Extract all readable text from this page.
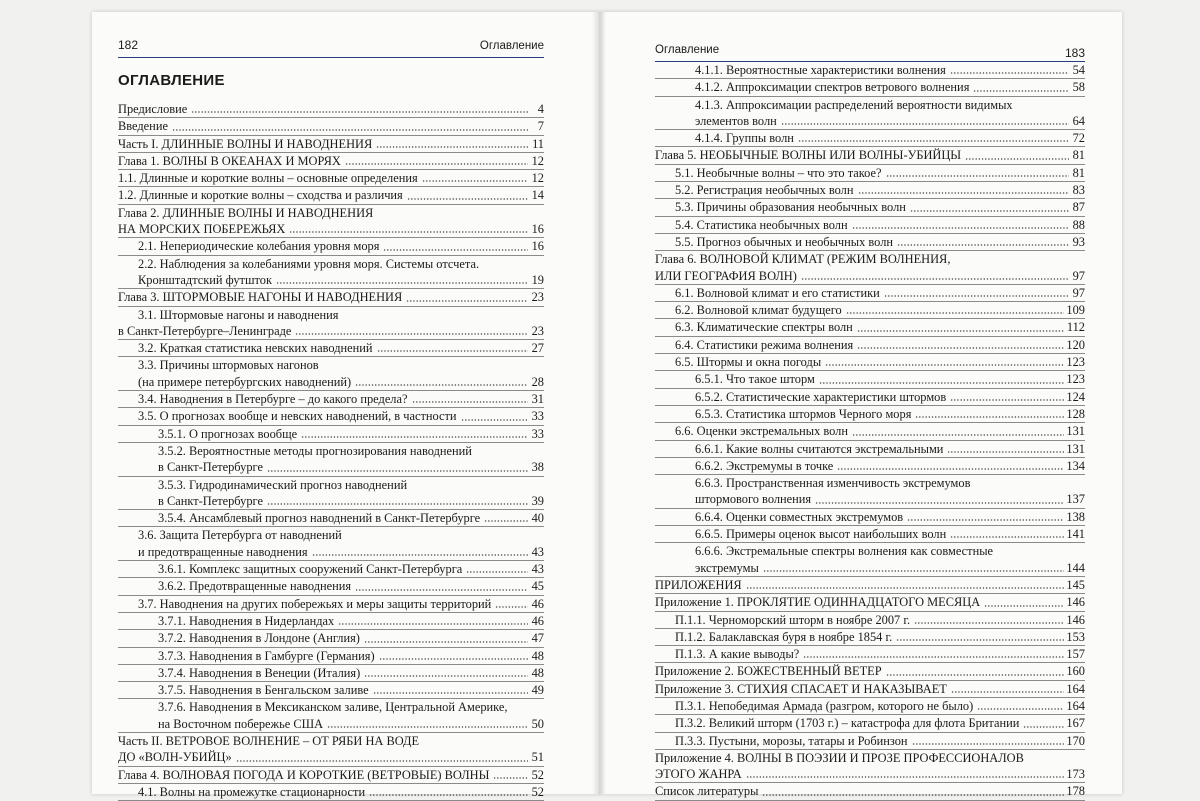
182	Оглавление
ОГЛАВЛЕНИЕ
Предисловие	4
Введение	7
Часть I. ДЛИННЫЕ ВОЛНЫ И НАВОДНЕНИЯ	11
Глава 1. ВОЛНЫ В ОКЕАНАХ И МОРЯХ	12
1.1. Длинные и короткие волны – основные определения	12
1.2. Длинные и короткие волны – сходства и различия	14
Глава 2. ДЛИННЫЕ ВОЛНЫ И НАВОДНЕНИЯ
НА МОРСКИХ ПОБЕРЕЖЬЯХ	16
2.1. Непериодические колебания уровня моря	16
2.2. Наблюдения за колебаниями уровня моря. Системы отсчета.
Кронштадтский футшток	19
Глава 3. ШТОРМОВЫЕ НАГОНЫ И НАВОДНЕНИЯ	23
3.1. Штормовые нагоны и наводнения
в Санкт-Петербурге–Ленинграде	23
3.2. Краткая статистика невских наводнений	27
3.3. Причины штормовых нагонов
(на примере петербургских наводнений)	28
3.4. Наводнения в Петербурге – до какого предела?	31
3.5. О прогнозах вообще и невских наводнений, в частности	33
3.5.1. О прогнозах вообще	33
3.5.2. Вероятностные методы прогнозирования наводнений
в Санкт-Петербурге	38
3.5.3. Гидродинамический прогноз наводнений
в Санкт-Петербурге	39
3.5.4. Ансамблевый прогноз наводнений в Санкт-Петербурге	40
3.6. Защита Петербурга от наводнений
и предотвращенные наводнения	43
3.6.1. Комплекс защитных сооружений Санкт-Петербурга	43
3.6.2. Предотвращенные наводнения	45
3.7. Наводнения на других побережьях и меры защиты территорий	46
3.7.1. Наводнения в Нидерландах	46
3.7.2. Наводнения в Лондоне (Англия)	47
3.7.3. Наводнения в Гамбурге (Германия)	48
3.7.4. Наводнения в Венеции (Италия)	48
3.7.5. Наводнения в Бенгальском заливе	49
3.7.6. Наводнения в Мексиканском заливе, Центральной Америке,
на Восточном побережье США	50
Часть II. ВЕТРОВОЕ ВОЛНЕНИЕ – ОТ РЯБИ НА ВОДЕ
ДО «ВОЛН-УБИЙЦ»	51
Глава 4. ВОЛНОВАЯ ПОГОДА И КОРОТКИЕ (ВЕТРОВЫЕ) ВОЛНЫ	52
4.1. Волны на промежутке стационарности	52
Оглавление	183
4.1.1. Вероятностные характеристики волнения	54
4.1.2. Аппроксимации спектров ветрового волнения	58
4.1.3. Аппроксимации распределений вероятности видимых
элементов волн	64
4.1.4. Группы волн	72
Глава 5. НЕОБЫЧНЫЕ ВОЛНЫ ИЛИ ВОЛНЫ-УБИЙЦЫ	81
5.1. Необычные волны – что это такое?	81
5.2. Регистрация необычных волн	83
5.3. Причины образования необычных волн	87
5.4. Статистика необычных волн	88
5.5. Прогноз обычных и необычных волн	93
Глава 6. ВОЛНОВОЙ КЛИМАТ (РЕЖИМ ВОЛНЕНИЯ,
ИЛИ ГЕОГРАФИЯ ВОЛН)	97
6.1. Волновой климат и его статистики	97
6.2. Волновой климат будущего	109
6.3. Климатические спектры волн	112
6.4. Статистики режима волнения	120
6.5. Штормы и окна погоды	123
6.5.1. Что такое шторм	123
6.5.2. Статистические характеристики штормов	124
6.5.3. Статистика штормов Черного моря	128
6.6. Оценки экстремальных волн	131
6.6.1. Какие волны считаются экстремальными	131
6.6.2. Экстремумы в точке	134
6.6.3. Пространственная изменчивость экстремумов
штормового волнения	137
6.6.4. Оценки совместных экстремумов	138
6.6.5. Примеры оценок высот наибольших волн	141
6.6.6. Экстремальные спектры волнения как совместные
экстремумы	144
ПРИЛОЖЕНИЯ	145
Приложение 1. ПРОКЛЯТИЕ ОДИННАДЦАТОГО МЕСЯЦА	146
П.1.1. Черноморский шторм в ноябре 2007 г.	146
П.1.2. Балаклавская буря в ноябре 1854 г.	153
П.1.3. А какие выводы?	157
Приложение 2. БОЖЕСТВЕННЫЙ ВЕТЕР	160
Приложение 3. СТИХИЯ СПАСАЕТ И НАКАЗЫВАЕТ	164
П.3.1. Непобедимая Армада (разгром, которого не было)	164
П.3.2. Великий шторм (1703 г.) – катастрофа для флота Британии	167
П.3.3. Пустыни, морозы, татары и Робинзон	170
Приложение 4. ВОЛНЫ В ПОЭЗИИ И ПРОЗЕ ПРОФЕССИОНАЛОВ
ЭТОГО ЖАНРА	173
Список литературы	178
